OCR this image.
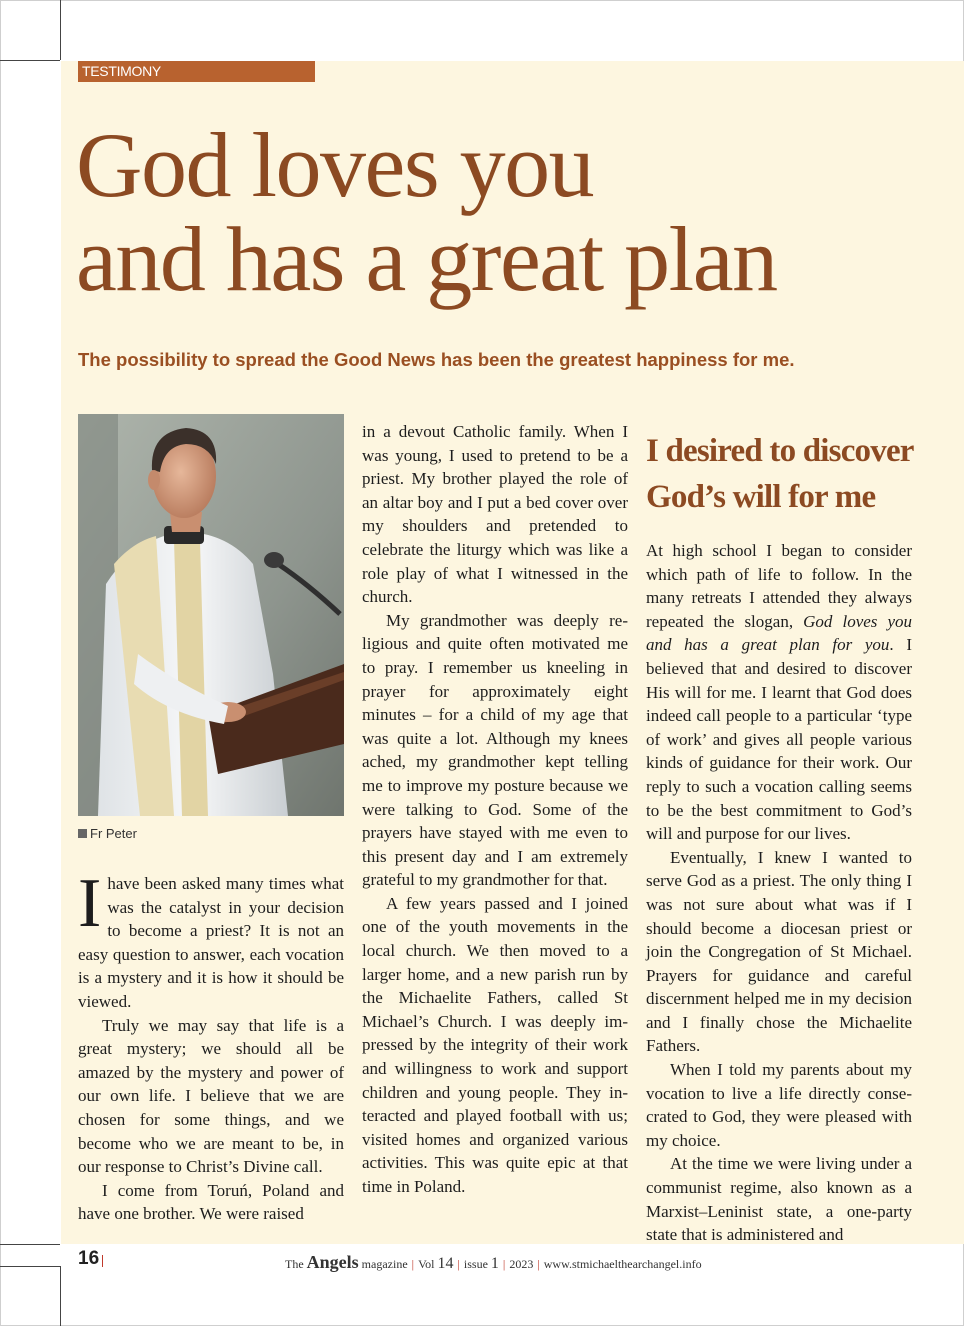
TESTIMONY
God loves you
and has a great plan

The possibility to spread the Good News has been the greatest happiness for me.

Fr Peter

Ihave been asked many times what was the catalyst in your decision to become a priest? It is not an easy question to answer, each vocation is a mystery and it is how it should be viewed.

Truly we may say that life is a great mystery; we should all be amazed by the mystery and power of our own life. I believe that we are chosen for some things, and we become who we are meant to be, in our response to Christ’s Divine call.

I come from Toruń, Poland and have one brother. We were raised

in a devout Catholic family. When I was young, I used to pretend to be a priest. My brother played the role of an altar boy and I put a bed cover over my shoulders and pretended to celebrate the liturgy which was like a role play of what I witnessed in the church.

My grandmother was deeply religious and quite often motivated me to pray. I remember us kneeling in prayer for approximately eight minutes – for a child of my age that was quite a lot. Although my knees ached, my grandmother kept telling me to improve my posture because we were talking to God. Some of the prayers have stayed with me even to this present day and I am extremely grateful to my grandmother for that.

A few years passed and I joined one of the youth movements in the local church. We then moved to a larger home, and a new parish run by the Michaelite Fathers, called St Michael’s Church. I was deeply impressed by the integrity of their work and willingness to work and support children and young people. They interacted and played football with us; visited homes and organized various activities. This was quite epic at that time in Poland.

I desired to discover God’s will for me

At high school I began to consider which path of life to follow. In the many retreats I attended they always repeated the slogan, God loves you and has a great plan for you. I believed that and desired to discover His will for me. I learnt that God does indeed call people to a particular ‘type of work’ and gives all people various kinds of guidance for their work. Our reply to such a vocation calling seems to be the best commitment to God’s will and purpose for our lives.

Eventually, I knew I wanted to serve God as a priest. The only thing I was not sure about what was if I should become a diocesan priest or join the Congregation of St Michael. Prayers for guidance and careful discernment helped me in my decision and I finally chose the Michaelite Fathers.

When I told my parents about my vocation to live a life directly consecrated to God, they were pleased with my choice.

At the time we were living under a communist regime, also known as a Marxist–Leninist state, a one-party state that is administered and

16	The Angels magazine | Vol 14 | issue 1 | 2023 | www.stmichaelthearchangel.info
